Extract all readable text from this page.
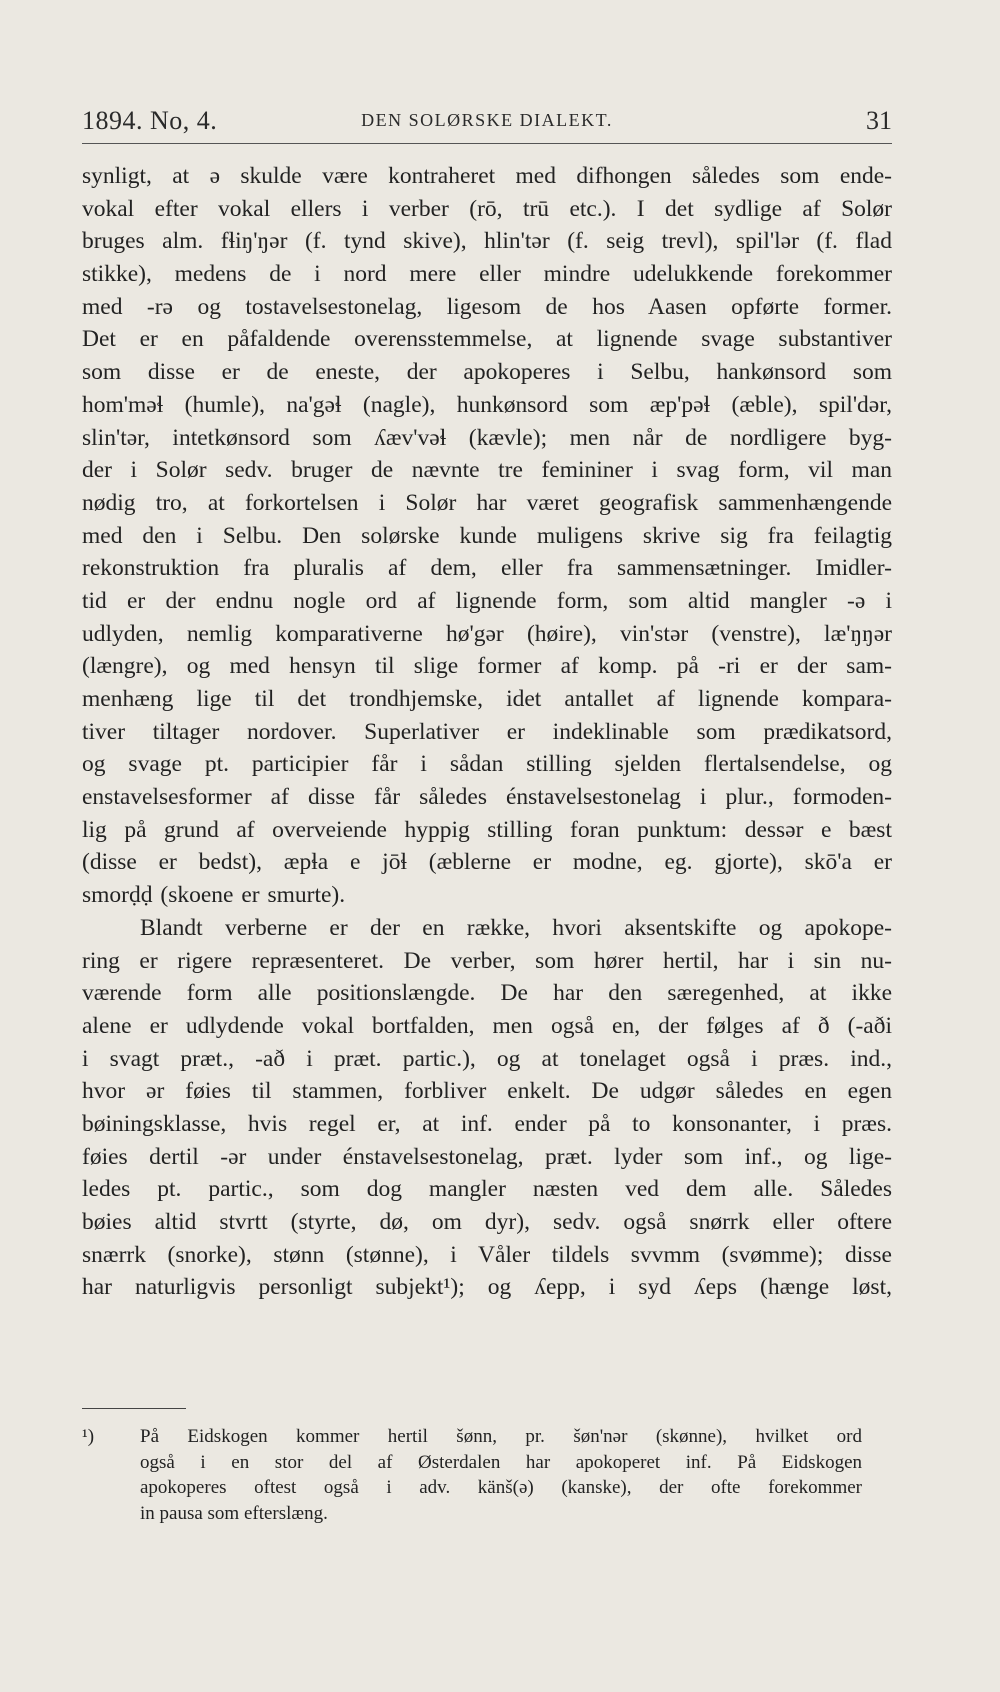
1894. No, 4.	DEN SOLØRSKE DIALEKT.	31
synligt, at ə skulde være kontraheret med difhongen således som ende-
vokal efter vokal ellers i verber (rō, trū etc.). I det sydlige af Solør
bruges alm. fɬiŋ'ŋər (f. tynd skive), hlin'tər (f. seig trevl), spil'lər (f. flad
stikke), medens de i nord mere eller mindre udelukkende forekommer
med -rə og tostavelsestonelag, ligesom de hos Aasen opførte former.
Det er en påfaldende overensstemmelse, at lignende svage substantiver
som disse er de eneste, der apokoperes i Selbu, hankønsord som
hom'məɬ (humle), na'gəɬ (nagle), hunkønsord som æp'pəɬ (æble), spil'dər,
slin'tər, intetkønsord som ʎæv'vəɬ (kævle); men når de nordligere byg-
der i Solør sedv. bruger de nævnte tre femininer i svag form, vil man
nødig tro, at forkortelsen i Solør har været geografisk sammenhængende
med den i Selbu. Den solørske kunde muligens skrive sig fra feilagtig
rekonstruktion fra pluralis af dem, eller fra sammensætninger. Imidler-
tid er der endnu nogle ord af lignende form, som altid mangler -ə i
udlyden, nemlig komparativerne hø'gər (høire), vin'stər (venstre), læ'ŋŋər
(længre), og med hensyn til slige former af komp. på -ri er der sam-
menhæng lige til det trondhjemske, idet antallet af lignende kompara-
tiver tiltager nordover. Superlativer er indeklinable som prædikatsord,
og svage pt. participier får i sådan stilling sjelden flertalsendelse, og
enstavelsesformer af disse får således énstavelsestonelag i plur., formoden-
lig på grund af overveiende hyppig stilling foran punktum: dessər e bæst
(disse er bedst), æpɬa e jōɬ (æblerne er modne, eg. gjorte), skō'a er
smorḍḍ (skoene er smurte).
Blandt verberne er der en række, hvori aksentskifte og apokope-
ring er rigere repræsenteret. De verber, som hører hertil, har i sin nu-
værende form alle positionslængde. De har den særegenhed, at ikke
alene er udlydende vokal bortfalden, men også en, der følges af ð (-aði
i svagt præt., -að i præt. partic.), og at tonelaget også i præs. ind.,
hvor ər føies til stammen, forbliver enkelt. De udgør således en egen
bøiningsklasse, hvis regel er, at inf. ender på to konsonanter, i præs.
føies dertil -ər under énstavelsestonelag, præt. lyder som inf., og lige-
ledes pt. partic., som dog mangler næsten ved dem alle. Således
bøies altid stvrtt (styrte, dø, om dyr), sedv. også snørrk eller oftere
snærrk (snorke), stønn (stønne), i Våler tildels svvmm (svømme); disse
har naturligvis personligt subjekt¹); og ʎepp, i syd ʎeps (hænge løst,
¹) På Eidskogen kommer hertil šønn, pr. šøn'nər (skønne), hvilket ord
også i en stor del af Østerdalen har apokoperet inf. På Eidskogen
apokoperes oftest også i adv. känš(ə) (kanske), der ofte forekommer
in pausa som efterslæng.
